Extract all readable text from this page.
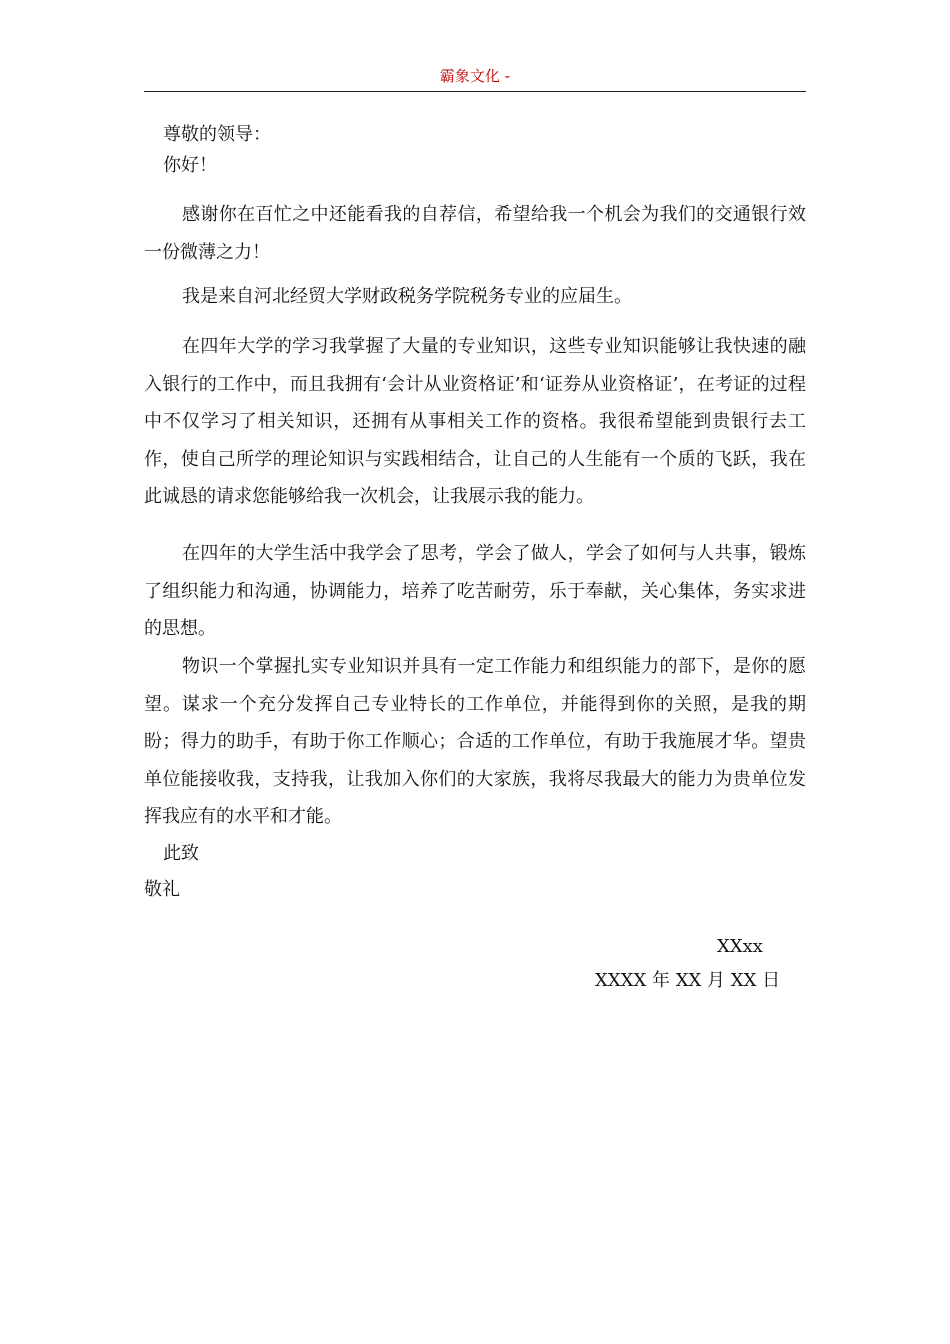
霸象文化 -
尊敬的领导：
你好！
感谢你在百忙之中还能看我的自荐信，希望给我一个机会为我们的交通银行效一份微薄之力！
我是来自河北经贸大学财政税务学院税务专业的应届生。
在四年大学的学习我掌握了大量的专业知识，这些专业知识能够让我快速的融入银行的工作中，而且我拥有‘会计从业资格证’和‘证券从业资格证’，在考证的过程中不仅学习了相关知识，还拥有从事相关工作的资格。我很希望能到贵银行去工作，使自己所学的理论知识与实践相结合，让自己的人生能有一个质的飞跃，我在此诚恳的请求您能够给我一次机会，让我展示我的能力。
在四年的大学生活中我学会了思考，学会了做人，学会了如何与人共事，锻炼了组织能力和沟通，协调能力，培养了吃苦耐劳，乐于奉献，关心集体，务实求进的思想。
物识一个掌握扎实专业知识并具有一定工作能力和组织能力的部下，是你的愿望。谋求一个充分发挥自己专业特长的工作单位，并能得到你的关照，是我的期盼；得力的助手，有助于你工作顺心；合适的工作单位，有助于我施展才华。望贵单位能接收我，支持我，让我加入你们的大家族，我将尽我最大的能力为贵单位发挥我应有的水平和才能。
此致
敬礼
XXxx
XXXX 年 XX 月 XX 日
